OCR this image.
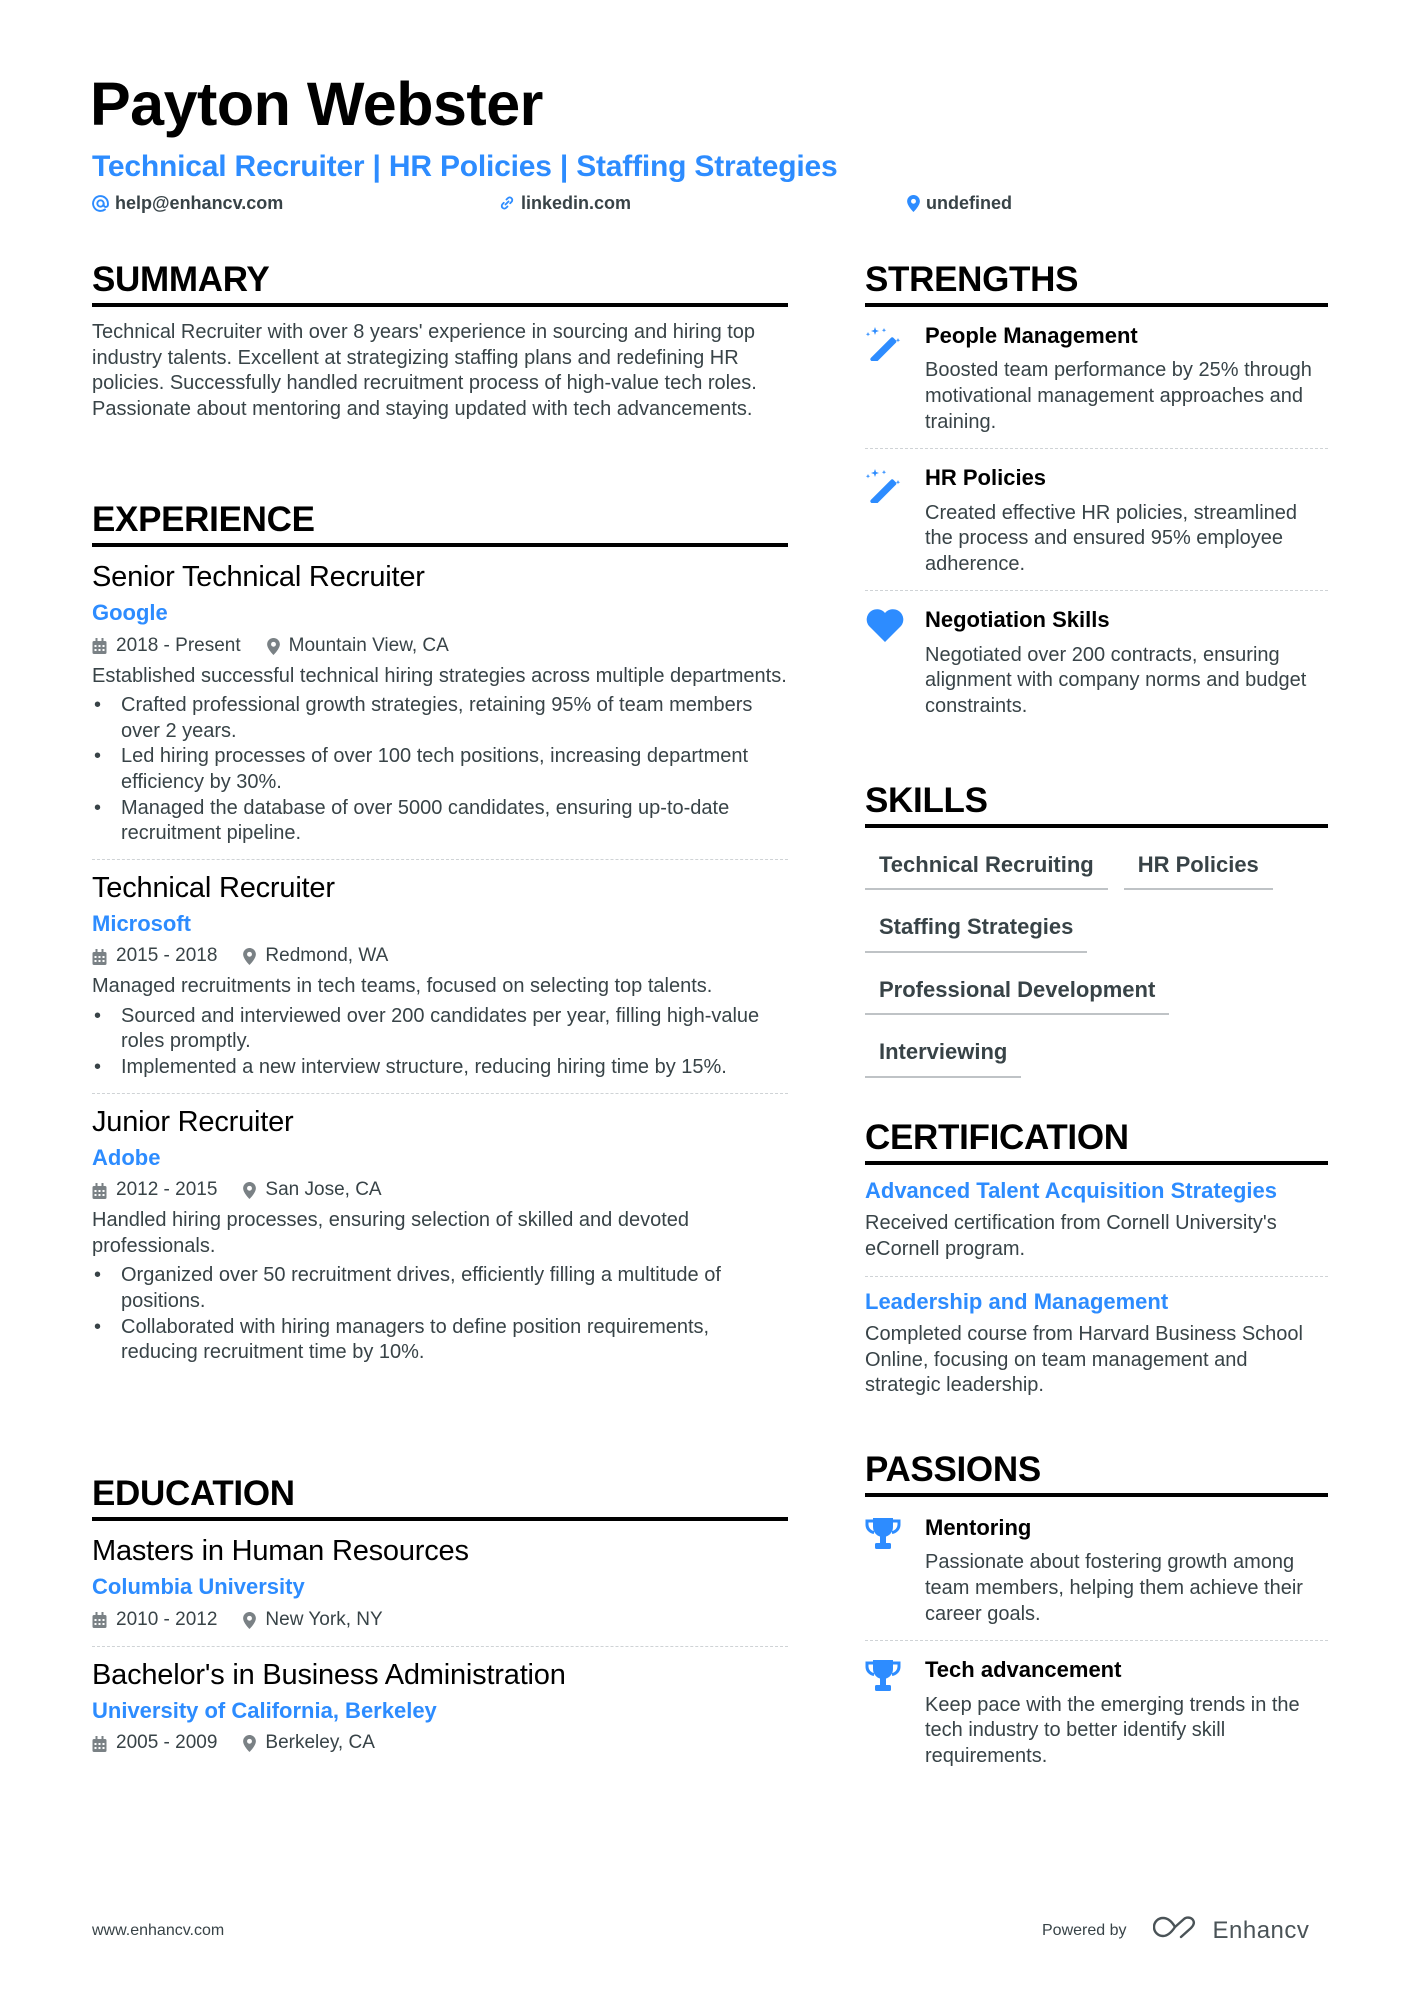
Payton Webster
Technical Recruiter | HR Policies | Staffing Strategies
help@enhancv.com	linkedin.com	undefined
SUMMARY
Technical Recruiter with over 8 years' experience in sourcing and hiring top industry talents. Excellent at strategizing staffing plans and redefining HR policies. Successfully handled recruitment process of high-value tech roles. Passionate about mentoring and staying updated with tech advancements.
EXPERIENCE
Senior Technical Recruiter
Google
2018 - Present	Mountain View, CA
Established successful technical hiring strategies across multiple departments.
• Crafted professional growth strategies, retaining 95% of team members over 2 years.
• Led hiring processes of over 100 tech positions, increasing department efficiency by 30%.
• Managed the database of over 5000 candidates, ensuring up-to-date recruitment pipeline.
Technical Recruiter
Microsoft
2015 - 2018	Redmond, WA
Managed recruitments in tech teams, focused on selecting top talents.
• Sourced and interviewed over 200 candidates per year, filling high-value roles promptly.
• Implemented a new interview structure, reducing hiring time by 15%.
Junior Recruiter
Adobe
2012 - 2015	San Jose, CA
Handled hiring processes, ensuring selection of skilled and devoted professionals.
• Organized over 50 recruitment drives, efficiently filling a multitude of positions.
• Collaborated with hiring managers to define position requirements, reducing recruitment time by 10%.
EDUCATION
Masters in Human Resources
Columbia University
2010 - 2012	New York, NY
Bachelor's in Business Administration
University of California, Berkeley
2005 - 2009	Berkeley, CA
STRENGTHS
People Management
Boosted team performance by 25% through motivational management approaches and training.
HR Policies
Created effective HR policies, streamlined the process and ensured 95% employee adherence.
Negotiation Skills
Negotiated over 200 contracts, ensuring alignment with company norms and budget constraints.
SKILLS
Technical Recruiting	HR Policies
Staffing Strategies
Professional Development
Interviewing
CERTIFICATION
Advanced Talent Acquisition Strategies
Received certification from Cornell University's eCornell program.
Leadership and Management
Completed course from Harvard Business School Online, focusing on team management and strategic leadership.
PASSIONS
Mentoring
Passionate about fostering growth among team members, helping them achieve their career goals.
Tech advancement
Keep pace with the emerging trends in the tech industry to better identify skill requirements.
www.enhancv.com	Powered by	Enhancv
